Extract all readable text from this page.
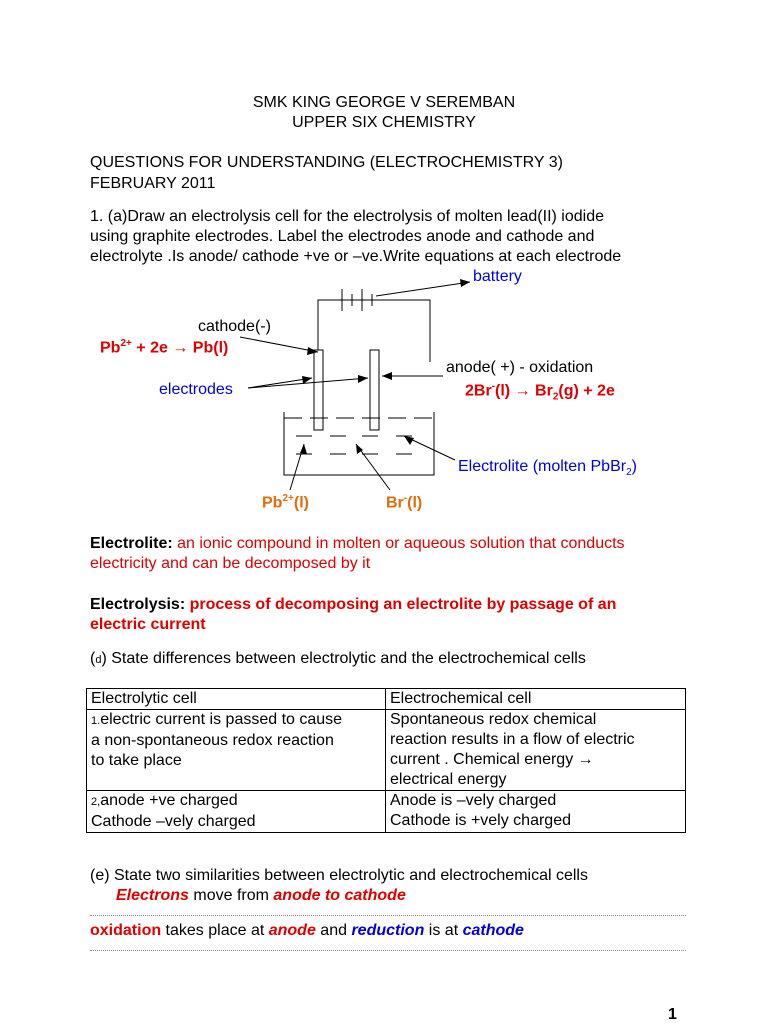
SMK KING GEORGE V SEREMBAN
UPPER SIX CHEMISTRY
QUESTIONS FOR UNDERSTANDING (ELECTROCHEMISTRY 3)
FEBRUARY 2011
1. (a)Draw an electrolysis cell for the electrolysis of molten lead(II) iodide
using graphite electrodes. Label the electrodes anode and cathode and
electrolyte .Is anode/ cathode +ve or –ve.Write equations at each electrode
battery
cathode(-)
$Pb^{2+} + 2e \to Pb(l)$
anode( +) - oxidation
$2Br^-(l) \to Br_2(g) + 2e$
electrodes
Electrolite (molten PbBr$_2$)
$Pb^{2+}(l)$	Br-(l)
Electrolite: an ionic compound in molten or aqueous solution that conducts
electricity and can be decomposed by it
Electrolysis: process of decomposing an electrolite by passage of an
electric current
(d) State differences between electrolytic and the electrochemical cells
Electrolytic cell	Electrochemical cell
1.electric current is passed to cause
a non-spontaneous redox reaction
to take place	Spontaneous redox chemical
reaction results in a flow of electric
current . Chemical energy →
electrical energy
2,anode +ve charged
Cathode –vely charged	Anode is –vely charged
Cathode is +vely charged
(e) State two similarities between electrolytic and electrochemical cells
Electrons move from anode to cathode
oxidation takes place at anode and reduction is at cathode
1
